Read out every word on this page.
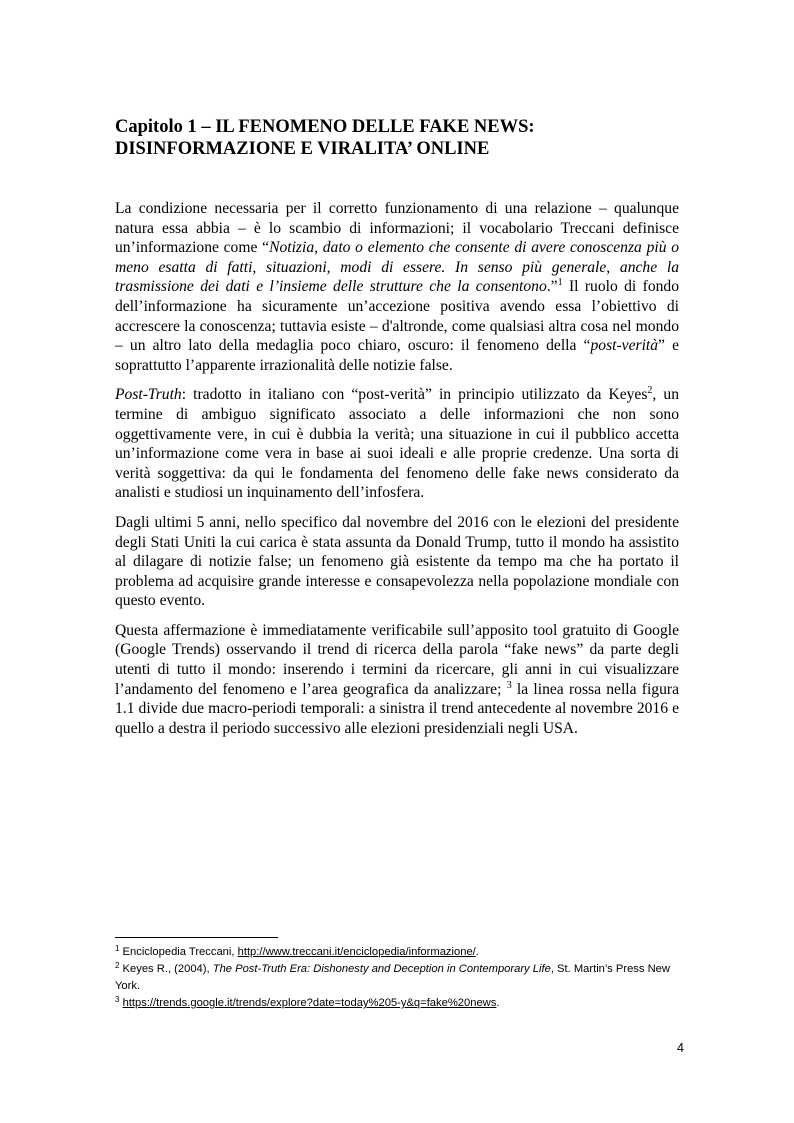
Capitolo 1 – IL FENOMENO DELLE FAKE NEWS:
DISINFORMAZIONE E VIRALITA’ ONLINE

La condizione necessaria per il corretto funzionamento di una relazione – qualunque natura essa abbia – è lo scambio di informazioni; il vocabolario Treccani definisce un’informazione come “Notizia, dato o elemento che consente di avere conoscenza più o meno esatta di fatti, situazioni, modi di essere. In senso più generale, anche la trasmissione dei dati e l’insieme delle strutture che la consentono.”$^1$ Il ruolo di fondo dell’informazione ha sicuramente un’accezione positiva avendo essa l’obiettivo di accrescere la conoscenza; tuttavia esiste – d'altronde, come qualsiasi altra cosa nel mondo – un altro lato della medaglia poco chiaro, oscuro: il fenomeno della “post-verità” e soprattutto l’apparente irrazionalità delle notizie false.

Post-Truth: tradotto in italiano con “post-verità” in principio utilizzato da Keyes$^2$, un termine di ambiguo significato associato a delle informazioni che non sono oggettivamente vere, in cui è dubbia la verità; una situazione in cui il pubblico accetta un’informazione come vera in base ai suoi ideali e alle proprie credenze. Una sorta di verità soggettiva: da qui le fondamenta del fenomeno delle fake news considerato da analisti e studiosi un inquinamento dell’infosfera.

Dagli ultimi 5 anni, nello specifico dal novembre del 2016 con le elezioni del presidente degli Stati Uniti la cui carica è stata assunta da Donald Trump, tutto il mondo ha assistito al dilagare di notizie false; un fenomeno già esistente da tempo ma che ha portato il problema ad acquisire grande interesse e consapevolezza nella popolazione mondiale con questo evento.

Questa affermazione è immediatamente verificabile sull’apposito tool gratuito di Google (Google Trends) osservando il trend di ricerca della parola “fake news” da parte degli utenti di tutto il mondo: inserendo i termini da ricercare, gli anni in cui visualizzare l’andamento del fenomeno e l’area geografica da analizzare; $^3$ la linea rossa nella figura 1.1 divide due macro-periodi temporali: a sinistra il trend antecedente al novembre 2016 e quello a destra il periodo successivo alle elezioni presidenziali negli USA.

$^1$ Enciclopedia Treccani, http://www.treccani.it/enciclopedia/informazione/.

$^2$ Keyes R., (2004), The Post-Truth Era: Dishonesty and Deception in Contemporary Life, St. Martin’s Press New York.

$^3$ https://trends.google.it/trends/explore?date=today%205-y&q=fake%20news.

4
